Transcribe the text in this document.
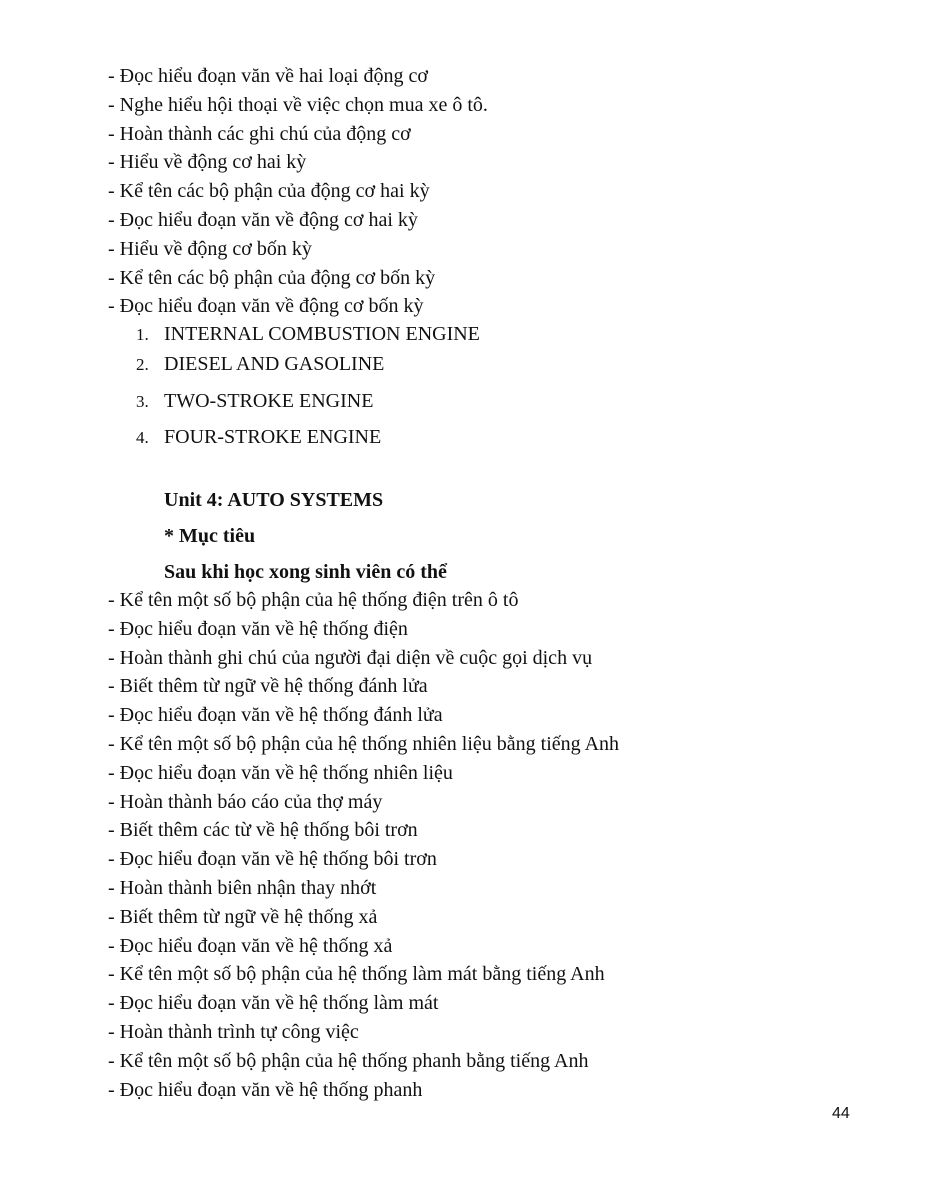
- Đọc hiểu đoạn văn về hai loại động cơ
- Nghe hiểu hội thoại về việc chọn mua xe ô tô.
- Hoàn thành các ghi chú của động cơ
- Hiểu về động cơ hai kỳ
- Kể tên các bộ phận của động cơ hai kỳ
- Đọc hiểu đoạn văn về động cơ hai kỳ
- Hiểu về động cơ bốn kỳ
- Kể tên các bộ phận của động cơ bốn kỳ
- Đọc hiểu đoạn văn về động cơ bốn kỳ
1. INTERNAL COMBUSTION ENGINE
2. DIESEL AND GASOLINE
3. TWO-STROKE ENGINE
4. FOUR-STROKE ENGINE
Unit 4: AUTO SYSTEMS
* Mục tiêu
Sau khi học xong sinh viên có thể
- Kể tên một số bộ phận của hệ thống điện trên ô tô
- Đọc hiểu đoạn văn về hệ thống điện
- Hoàn thành ghi chú của người đại diện về cuộc gọi dịch vụ
- Biết thêm từ ngữ về hệ thống đánh lửa
- Đọc hiểu đoạn văn về hệ thống đánh lửa
- Kể tên một số bộ phận của hệ thống nhiên liệu bằng tiếng Anh
- Đọc hiểu đoạn văn về hệ thống nhiên liệu
- Hoàn thành báo cáo của thợ máy
- Biết thêm các từ về hệ thống bôi trơn
- Đọc hiểu đoạn văn về hệ thống bôi trơn
- Hoàn thành biên nhận thay nhớt
- Biết thêm từ ngữ về hệ thống xả
- Đọc hiểu đoạn văn về hệ thống xả
- Kể tên một số bộ phận của hệ thống làm mát bằng tiếng Anh
- Đọc hiểu đoạn văn về hệ thống làm mát
- Hoàn thành trình tự công việc
- Kể tên một số bộ phận của hệ thống phanh bằng tiếng Anh
- Đọc hiểu đoạn văn về hệ thống phanh
44
